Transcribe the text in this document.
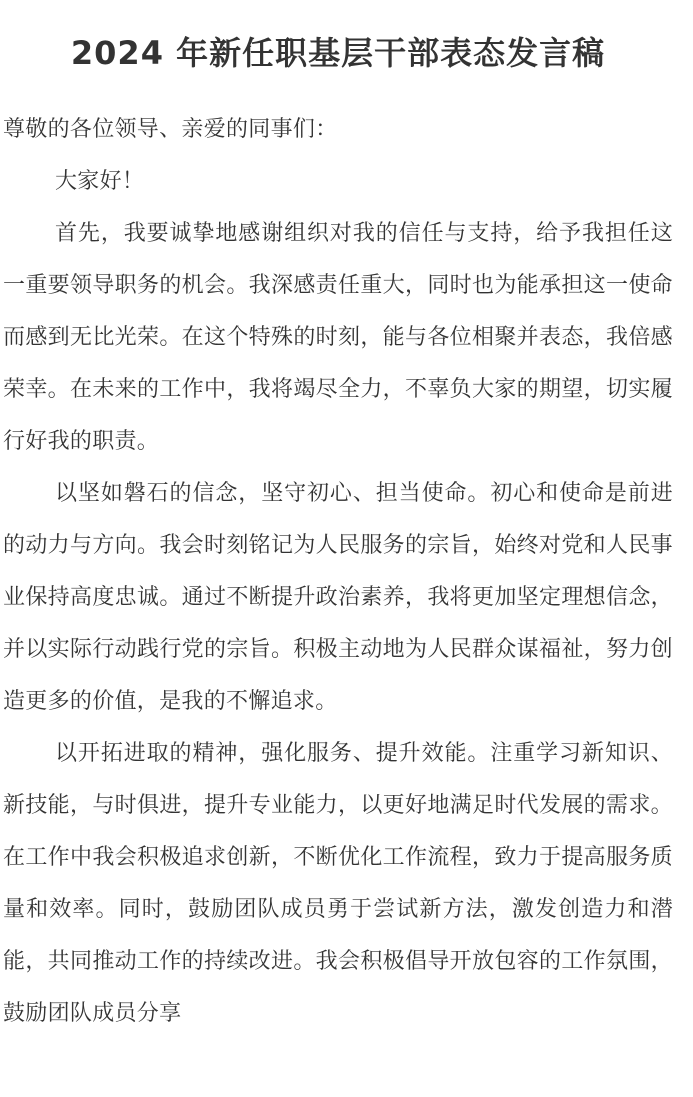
2024 年新任职基层干部表态发言稿

尊敬的各位领导、亲爱的同事们：

大家好！

首先，我要诚挚地感谢组织对我的信任与支持，给予我担任这一重要领导职务的机会。我深感责任重大，同时也为能承担这一使命而感到无比光荣。在这个特殊的时刻，能与各位相聚并表态，我倍感荣幸。在未来的工作中，我将竭尽全力，不辜负大家的期望，切实履行好我的职责。

以坚如磐石的信念，坚守初心、担当使命。初心和使命是前进的动力与方向。我会时刻铭记为人民服务的宗旨，始终对党和人民事业保持高度忠诚。通过不断提升政治素养，我将更加坚定理想信念，并以实际行动践行党的宗旨。积极主动地为人民群众谋福祉，努力创造更多的价值，是我的不懈追求。

以开拓进取的精神，强化服务、提升效能。注重学习新知识、新技能，与时俱进，提升专业能力，以更好地满足时代发展的需求。在工作中我会积极追求创新，不断优化工作流程，致力于提高服务质量和效率。同时，鼓励团队成员勇于尝试新方法，激发创造力和潜能，共同推动工作的持续改进。我会积极倡导开放包容的工作氛围，鼓励团队成员分享
